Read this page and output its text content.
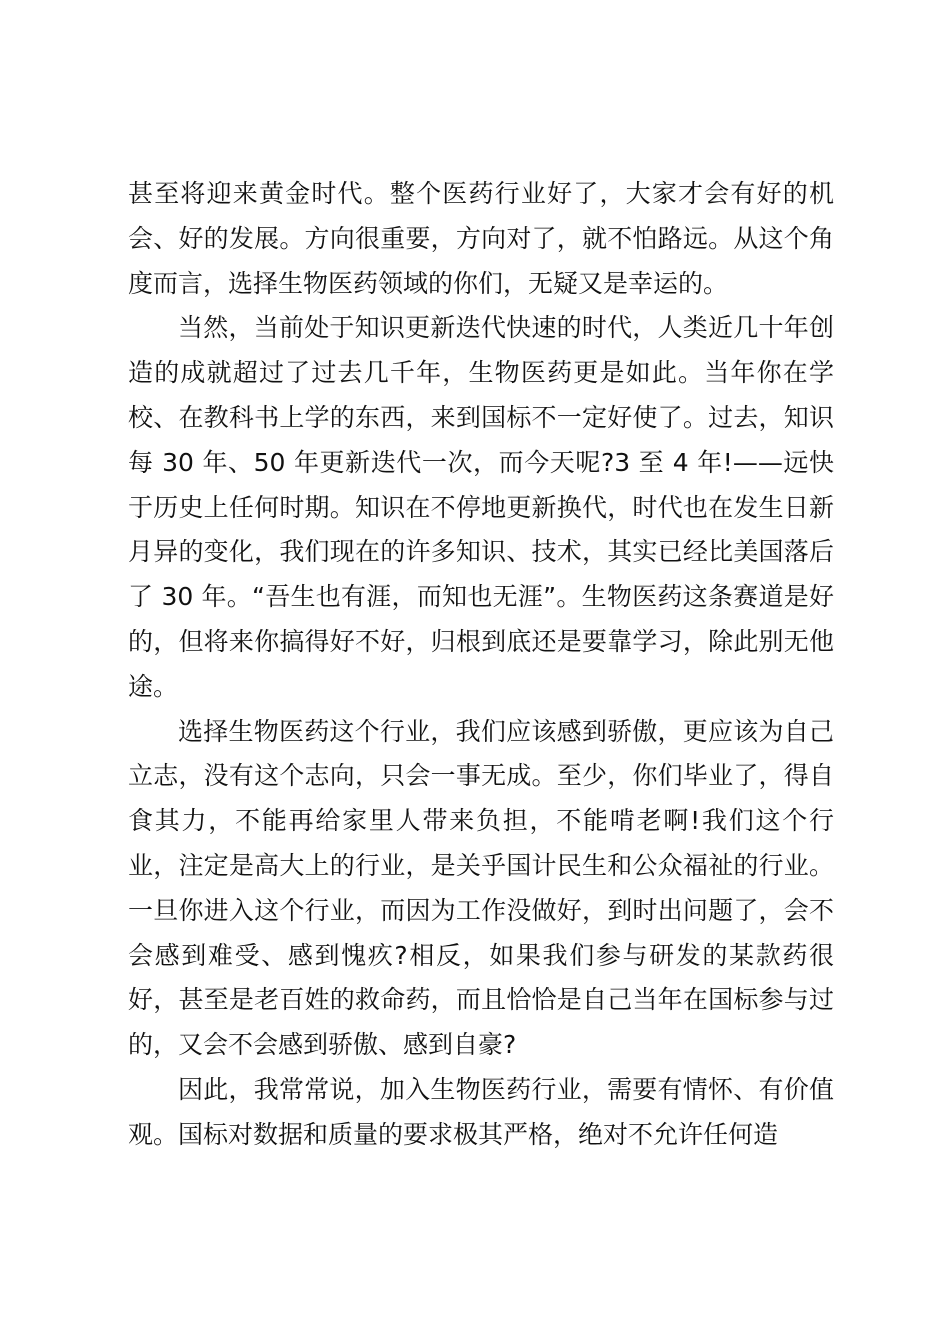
甚至将迎来黄金时代。整个医药行业好了，大家才会有好的机会、好的发展。方向很重要，方向对了，就不怕路远。从这个角度而言，选择生物医药领域的你们，无疑又是幸运的。

当然，当前处于知识更新迭代快速的时代，人类近几十年创造的成就超过了过去几千年，生物医药更是如此。当年你在学校、在教科书上学的东西，来到国标不一定好使了。过去，知识每 30 年、50 年更新迭代一次，而今天呢?3 至 4 年!——远快于历史上任何时期。知识在不停地更新换代，时代也在发生日新月异的变化，我们现在的许多知识、技术，其实已经比美国落后了 30 年。“吾生也有涯，而知也无涯”。生物医药这条赛道是好的，但将来你搞得好不好，归根到底还是要靠学习，除此别无他途。

选择生物医药这个行业，我们应该感到骄傲，更应该为自己立志，没有这个志向，只会一事无成。至少，你们毕业了，得自食其力，不能再给家里人带来负担，不能啃老啊!我们这个行业，注定是高大上的行业，是关乎国计民生和公众福祉的行业。一旦你进入这个行业，而因为工作没做好，到时出问题了，会不会感到难受、感到愧疚?相反，如果我们参与研发的某款药很好，甚至是老百姓的救命药，而且恰恰是自己当年在国标参与过的，又会不会感到骄傲、感到自豪?

因此，我常常说，加入生物医药行业，需要有情怀、有价值观。国标对数据和质量的要求极其严格，绝对不允许任何造
